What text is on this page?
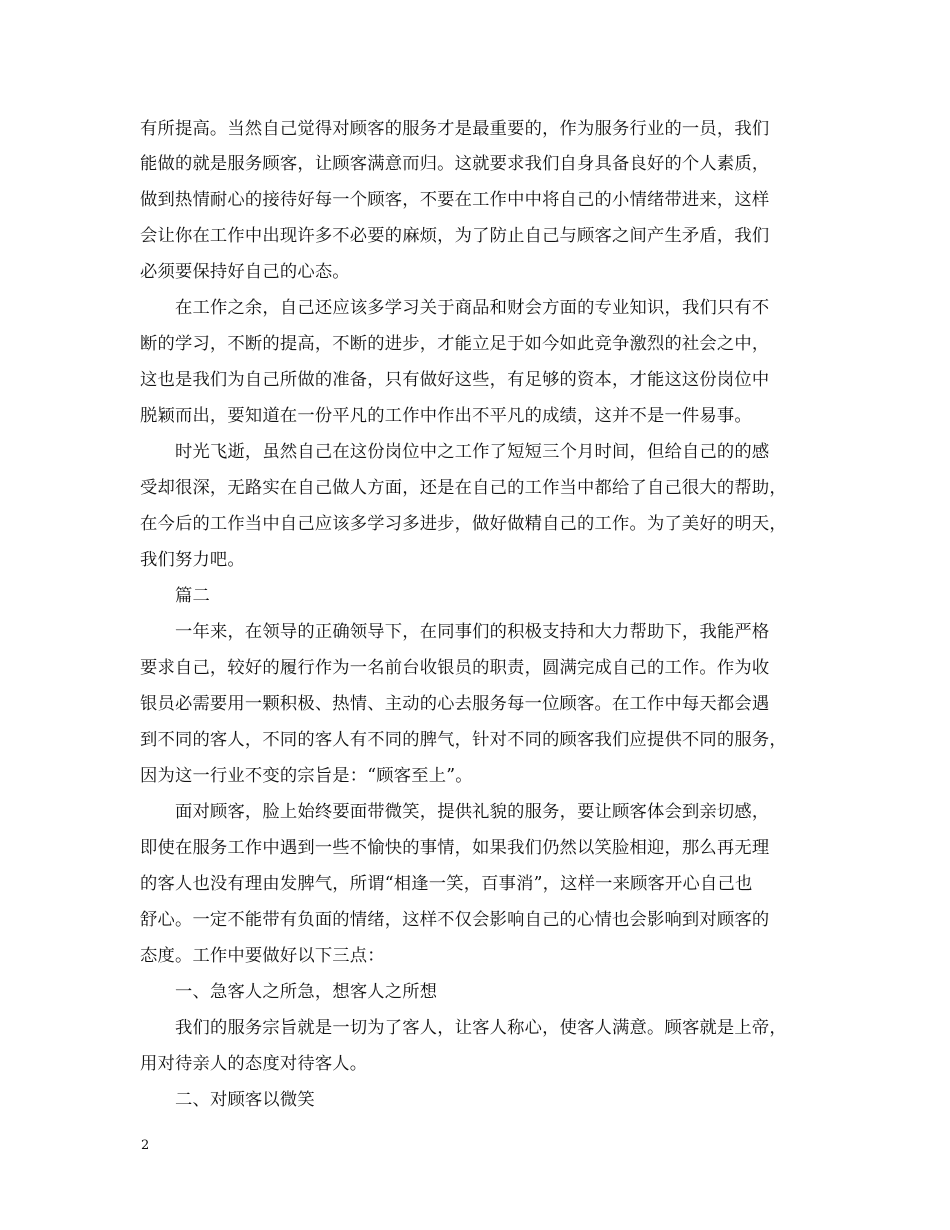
有所提高。当然自己觉得对顾客的服务才是最重要的，作为服务行业的一员，我们
能做的就是服务顾客，让顾客满意而归。这就要求我们自身具备良好的个人素质，
做到热情耐心的接待好每一个顾客，不要在工作中中将自己的小情绪带进来，这样
会让你在工作中出现许多不必要的麻烦，为了防止自己与顾客之间产生矛盾，我们
必须要保持好自己的心态。
在工作之余，自己还应该多学习关于商品和财会方面的专业知识，我们只有不
断的学习，不断的提高，不断的进步，才能立足于如今如此竞争激烈的社会之中，
这也是我们为自己所做的准备，只有做好这些，有足够的资本，才能这这份岗位中
脱颖而出，要知道在一份平凡的工作中作出不平凡的成绩，这并不是一件易事。
时光飞逝，虽然自己在这份岗位中之工作了短短三个月时间，但给自己的的感
受却很深，无路实在自己做人方面，还是在自己的工作当中都给了自己很大的帮助，
在今后的工作当中自己应该多学习多进步，做好做精自己的工作。为了美好的明天，
我们努力吧。
篇二
一年来，在领导的正确领导下，在同事们的积极支持和大力帮助下，我能严格
要求自己，较好的履行作为一名前台收银员的职责，圆满完成自己的工作。作为收
银员必需要用一颗积极、热情、主动的心去服务每一位顾客。在工作中每天都会遇
到不同的客人，不同的客人有不同的脾气，针对不同的顾客我们应提供不同的服务，
因为这一行业不变的宗旨是：“顾客至上”。
面对顾客，脸上始终要面带微笑，提供礼貌的服务，要让顾客体会到亲切感，
即使在服务工作中遇到一些不愉快的事情，如果我们仍然以笑脸相迎，那么再无理
的客人也没有理由发脾气，所谓“相逢一笑，百事消”，这样一来顾客开心自己也
舒心。一定不能带有负面的情绪，这样不仅会影响自己的心情也会影响到对顾客的
态度。工作中要做好以下三点：
一、急客人之所急，想客人之所想
我们的服务宗旨就是一切为了客人，让客人称心，使客人满意。顾客就是上帝，
用对待亲人的态度对待客人。
二、对顾客以微笑
2
